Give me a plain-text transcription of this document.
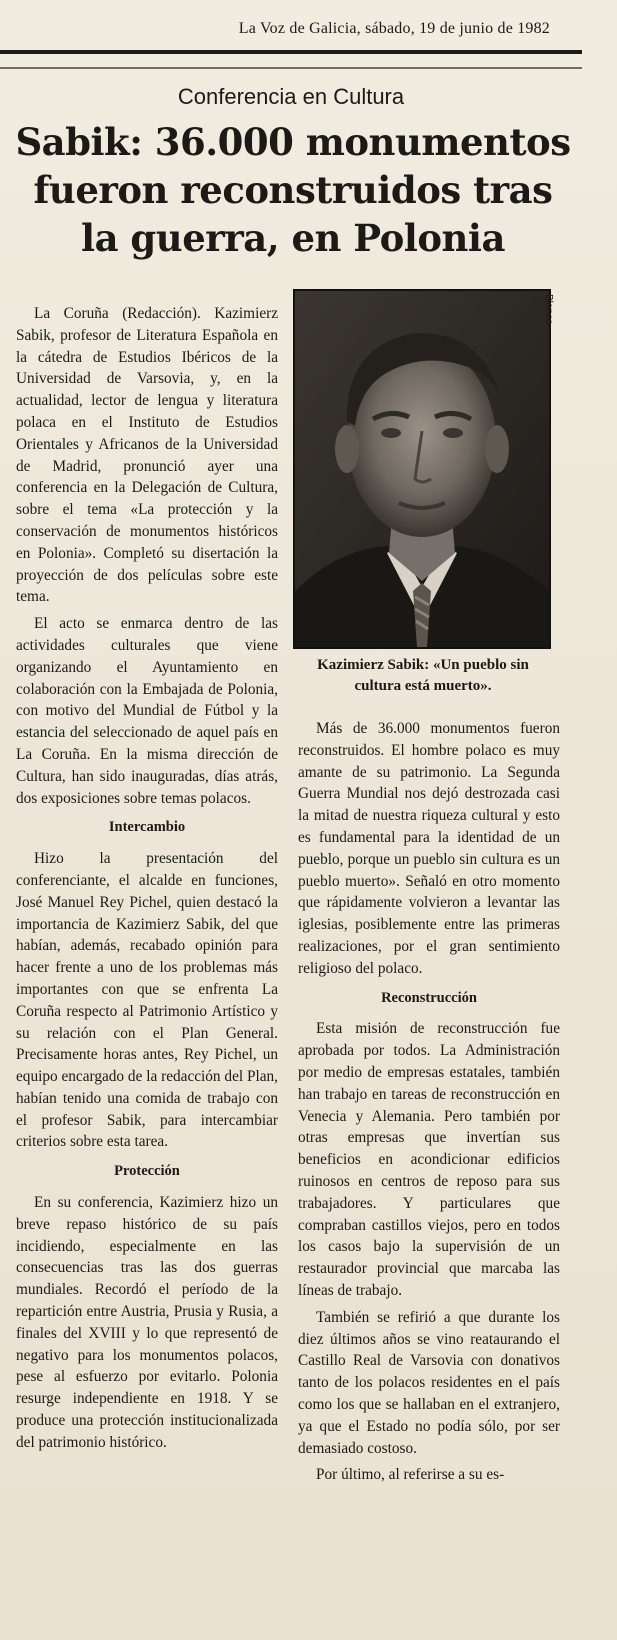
La Voz de Galicia, sábado, 19 de junio de 1982
Conferencia en Cultura
Sabik: 36.000 monumentos
fueron reconstruidos tras
la guerra, en Polonia

La Coruña (Redacción). Kazimierz Sabik, profesor de Literatura Española en la cátedra de Estudios Ibéricos de la Universidad de Varsovia, y, en la actualidad, lector de lengua y literatura polaca en el Instituto de Estudios Orientales y Africanos de la Universidad de Madrid, pronunció ayer una conferencia en la Delegación de Cultura, sobre el tema «La protección y la conservación de monumentos históricos en Polonia». Completó su disertación la proyección de dos películas sobre este tema.

El acto se enmarca dentro de las actividades culturales que viene organizando el Ayuntamiento en colaboración con la Embajada de Polonia, con motivo del Mundial de Fútbol y la estancia del seleccionado de aquel país en La Coruña. En la misma dirección de Cultura, han sido inauguradas, días atrás, dos exposiciones sobre temas polacos.

Intercambio

Hizo la presentación del conferenciante, el alcalde en funciones, José Manuel Rey Pichel, quien destacó la importancia de Kazimierz Sabik, del que habían, además, recabado opinión para hacer frente a uno de los problemas más importantes con que se enfrenta La Coruña respecto al Patrimonio Artístico y su relación con el Plan General. Precisamente horas antes, Rey Pichel, un equipo encargado de la redacción del Plan, habían tenido una comida de trabajo con el profesor Sabik, para intercambiar criterios sobre esta tarea.

Protección

En su conferencia, Kazimierz hizo un breve repaso histórico de su país incidiendo, especialmente en las consecuencias tras las dos guerras mundiales. Recordó el período de la repartición entre Austria, Prusia y Rusia, a finales del XVIII y lo que representó de negativo para los monumentos polacos, pese al esfuerzo por evitarlo. Polonia resurge independiente en 1918. Y se produce una protección institucionalizada del patrimonio histórico.

Blanco
Kazimierz Sabik: «Un pueblo sin cultura está muerto».

Más de 36.000 monumentos fueron reconstruidos. El hombre polaco es muy amante de su patrimonio. La Segunda Guerra Mundial nos dejó destrozada casi la mitad de nuestra riqueza cultural y esto es fundamental para la identidad de un pueblo, porque un pueblo sin cultura es un pueblo muerto». Señaló en otro momento que rápidamente volvieron a levantar las iglesias, posiblemente entre las primeras realizaciones, por el gran sentimiento religioso del polaco.

Reconstrucción

Esta misión de reconstrucción fue aprobada por todos. La Administración por medio de empresas estatales, también han trabajo en tareas de reconstrucción en Venecia y Alemania. Pero también por otras empresas que invertían sus beneficios en acondicionar edificios ruinosos en centros de reposo para sus trabajadores. Y particulares que compraban castillos viejos, pero en todos los casos bajo la supervisión de un restaurador provincial que marcaba las líneas de trabajo.

También se refirió a que durante los diez últimos años se vino reataurando el Castillo Real de Varsovia con donativos tanto de los polacos residentes en el país como los que se hallaban en el extranjero, ya que el Estado no podía sólo, por ser demasiado costoso.

Por último, al referirse a su es-
